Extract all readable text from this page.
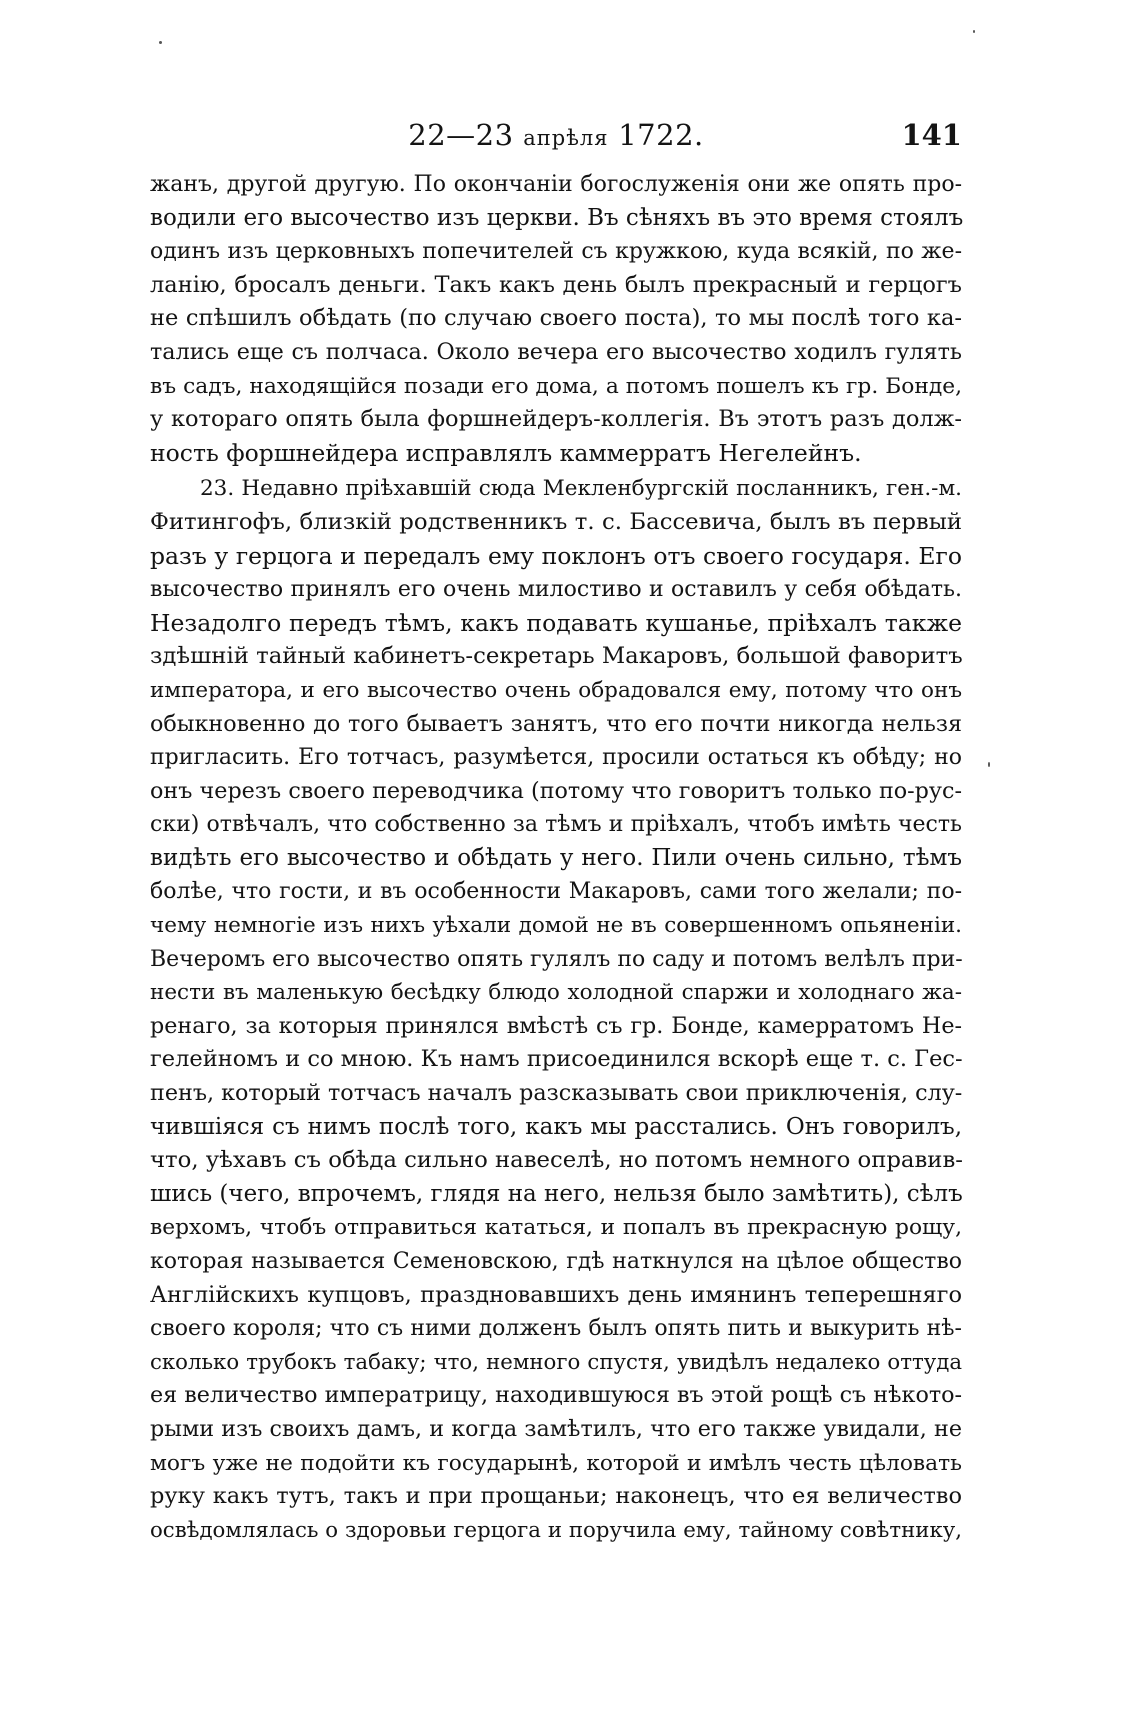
22—23 апрѣля 1722.	141
жанъ, другой другую. По окончаніи богослуженія они же опять про-
водили его высочество изъ церкви. Въ сѣняхъ въ это время стоялъ
одинъ изъ церковныхъ попечителей съ кружкою, куда всякій, по же-
ланію, бросалъ деньги. Такъ какъ день былъ прекрасный и герцогъ
не спѣшилъ обѣдать (по случаю своего поста), то мы послѣ того ка-
тались еще съ полчаса. Около вечера его высочество ходилъ гулять
въ садъ, находящійся позади его дома, а потомъ пошелъ къ гр. Бонде,
у котораго опять была форшнейдеръ-коллегія. Въ этотъ разъ долж-
ность форшнейдера исправлялъ каммерратъ Негелейнъ.
23. Недавно пріѣхавшій сюда Мекленбургскій посланникъ, ген.-м.
Фитингофъ, близкій родственникъ т. с. Бассевича, былъ въ первый
разъ у герцога и передалъ ему поклонъ отъ своего государя. Его
высочество принялъ его очень милостиво и оставилъ у себя обѣдать.
Незадолго передъ тѣмъ, какъ подавать кушанье, пріѣхалъ также
здѣшній тайный кабинетъ-секретарь Макаровъ, большой фаворитъ
императора, и его высочество очень обрадовался ему, потому что онъ
обыкновенно до того бываетъ занятъ, что его почти никогда нельзя
пригласить. Его тотчасъ, разумѣется, просили остаться къ обѣду; но
онъ черезъ своего переводчика (потому что говоритъ только по-рус-
ски) отвѣчалъ, что собственно за тѣмъ и пріѣхалъ, чтобъ имѣть честь
видѣть его высочество и обѣдать у него. Пили очень сильно, тѣмъ
болѣе, что гости, и въ особенности Макаровъ, сами того желали; по-
чему немногіе изъ нихъ уѣхали домой не въ совершенномъ опьяненіи.
Вечеромъ его высочество опять гулялъ по саду и потомъ велѣлъ при-
нести въ маленькую бесѣдку блюдо холодной спаржи и холоднаго жа-
ренаго, за которыя принялся вмѣстѣ съ гр. Бонде, камерратомъ Не-
гелейномъ и со мною. Къ намъ присоединился вскорѣ еще т. с. Гес-
пенъ, который тотчасъ началъ разсказывать свои приключенія, слу-
чившіяся съ нимъ послѣ того, какъ мы расстались. Онъ говорилъ,
что, уѣхавъ съ обѣда сильно навеселѣ, но потомъ немного оправив-
шись (чего, впрочемъ, глядя на него, нельзя было замѣтить), сѣлъ
верхомъ, чтобъ отправиться кататься, и попалъ въ прекрасную рощу,
которая называется Семеновскою, гдѣ наткнулся на цѣлое общество
Англійскихъ купцовъ, праздновавшихъ день имянинъ теперешняго
своего короля; что съ ними долженъ былъ опять пить и выкурить нѣ-
сколько трубокъ табаку; что, немного спустя, увидѣлъ недалеко оттуда
ея величество императрицу, находившуюся въ этой рощѣ съ нѣкото-
рыми изъ своихъ дамъ, и когда замѣтилъ, что его также увидали, не
могъ уже не подойти къ государынѣ, которой и имѣлъ честь цѣловать
руку какъ тутъ, такъ и при прощаньи; наконецъ, что ея величество
освѣдомлялась о здоровьи герцога и поручила ему, тайному совѣтнику,
